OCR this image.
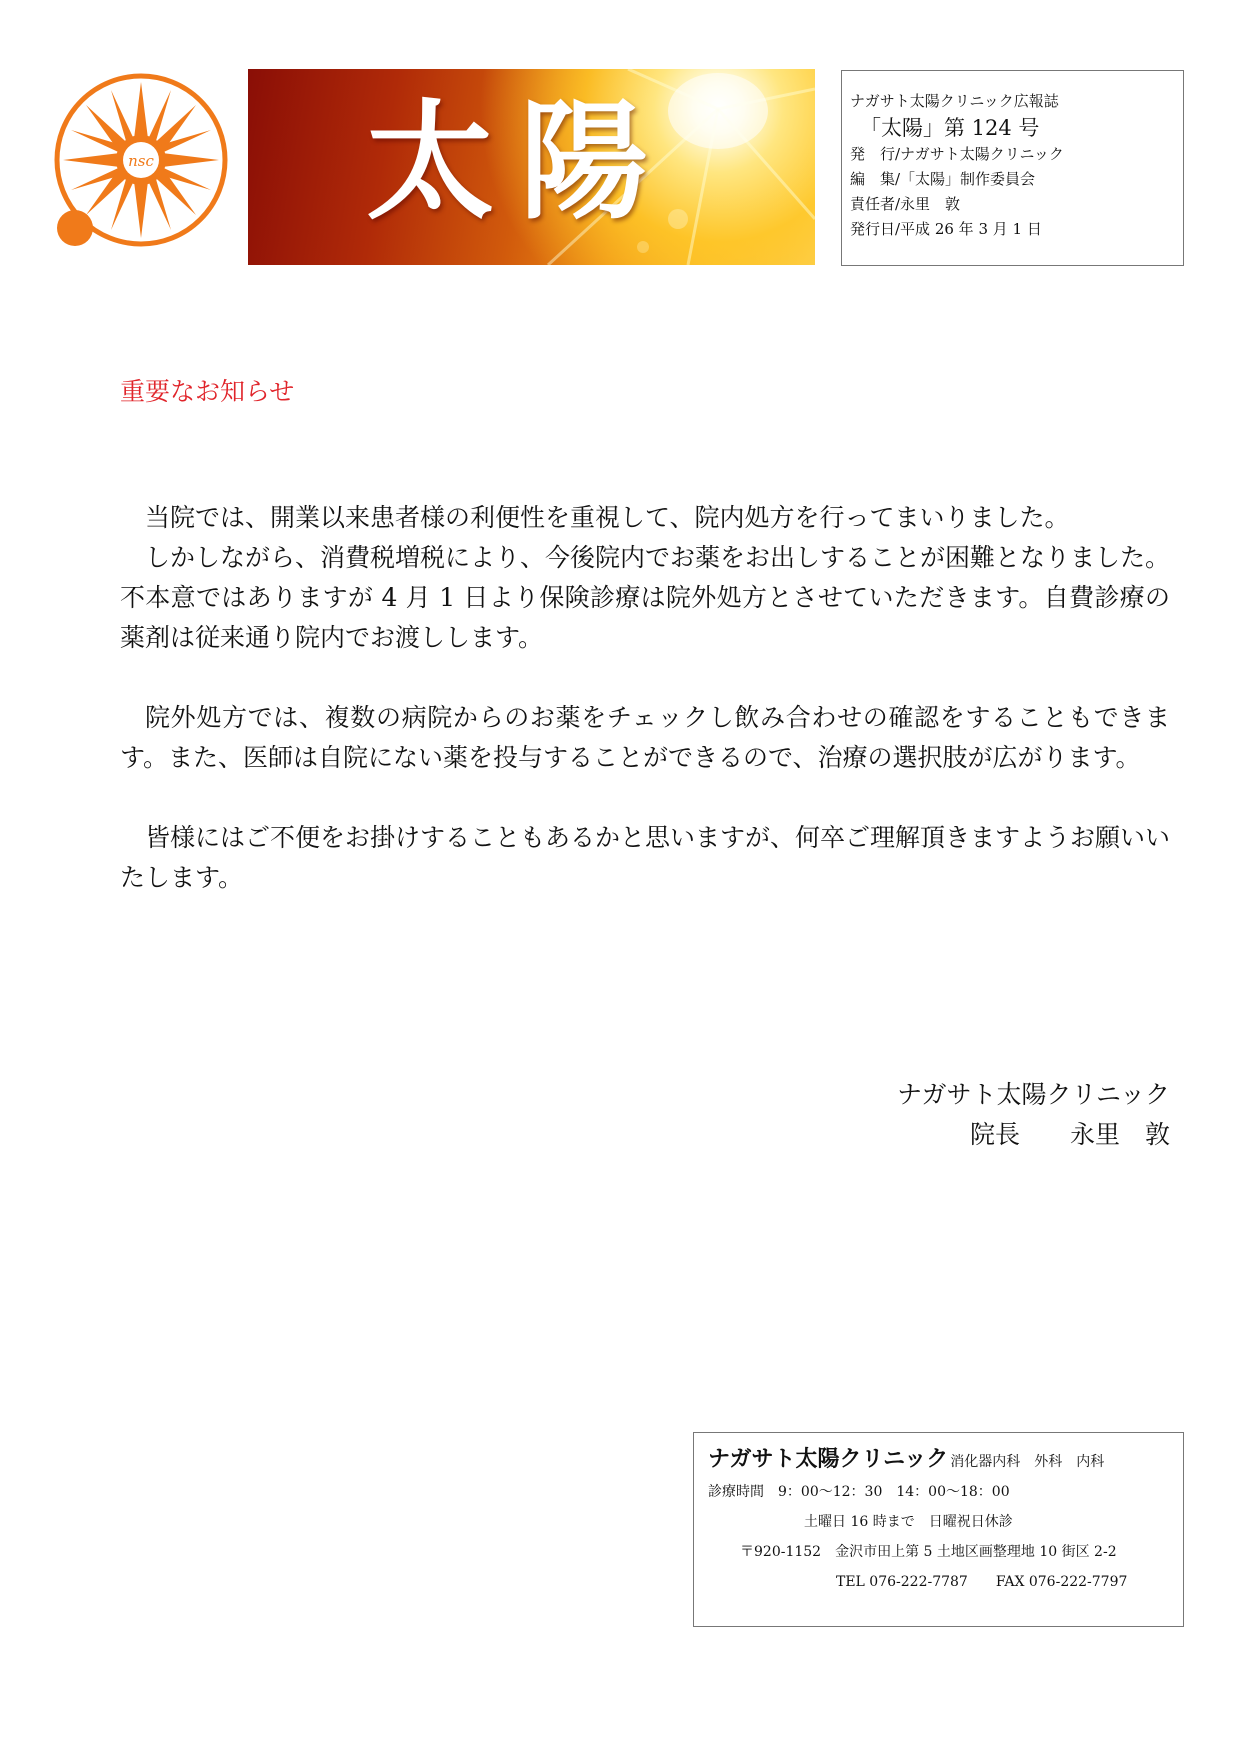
nsc 太陽	ナガサト太陽クリニック広報誌
「太陽」第 124 号
発　行/ナガサト太陽クリニック
編　集/「太陽」制作委員会
責任者/永里　敦
発行日/平成 26 年 3 月 1 日
重要なお知らせ

当院では、開業以来患者様の利便性を重視して、院内処方を行ってまいりました。

しかしながら、消費税増税により、今後院内でお薬をお出しすることが困難となりました。不本意ではありますが 4 月 1 日より保険診療は院外処方とさせていただきます。自費診療の薬剤は従来通り院内でお渡しします。

院外処方では、複数の病院からのお薬をチェックし飲み合わせの確認をすることもできます。また、医師は自院にない薬を投与することができるので、治療の選択肢が広がります。

皆様にはご不便をお掛けすることもあるかと思いますが、何卒ご理解頂きますようお願いいたします。

ナガサト太陽クリニック
院長　　永里　敦
ナガサト太陽クリニック 消化器内科　外科　内科
診療時間　9：00～12：30　14：00～18：00
土曜日 16 時まで　日曜祝日休診
〒920-1152　金沢市田上第 5 土地区画整理地 10 街区 2-2
TEL 076-222-7787　　FAX 076-222-7797
